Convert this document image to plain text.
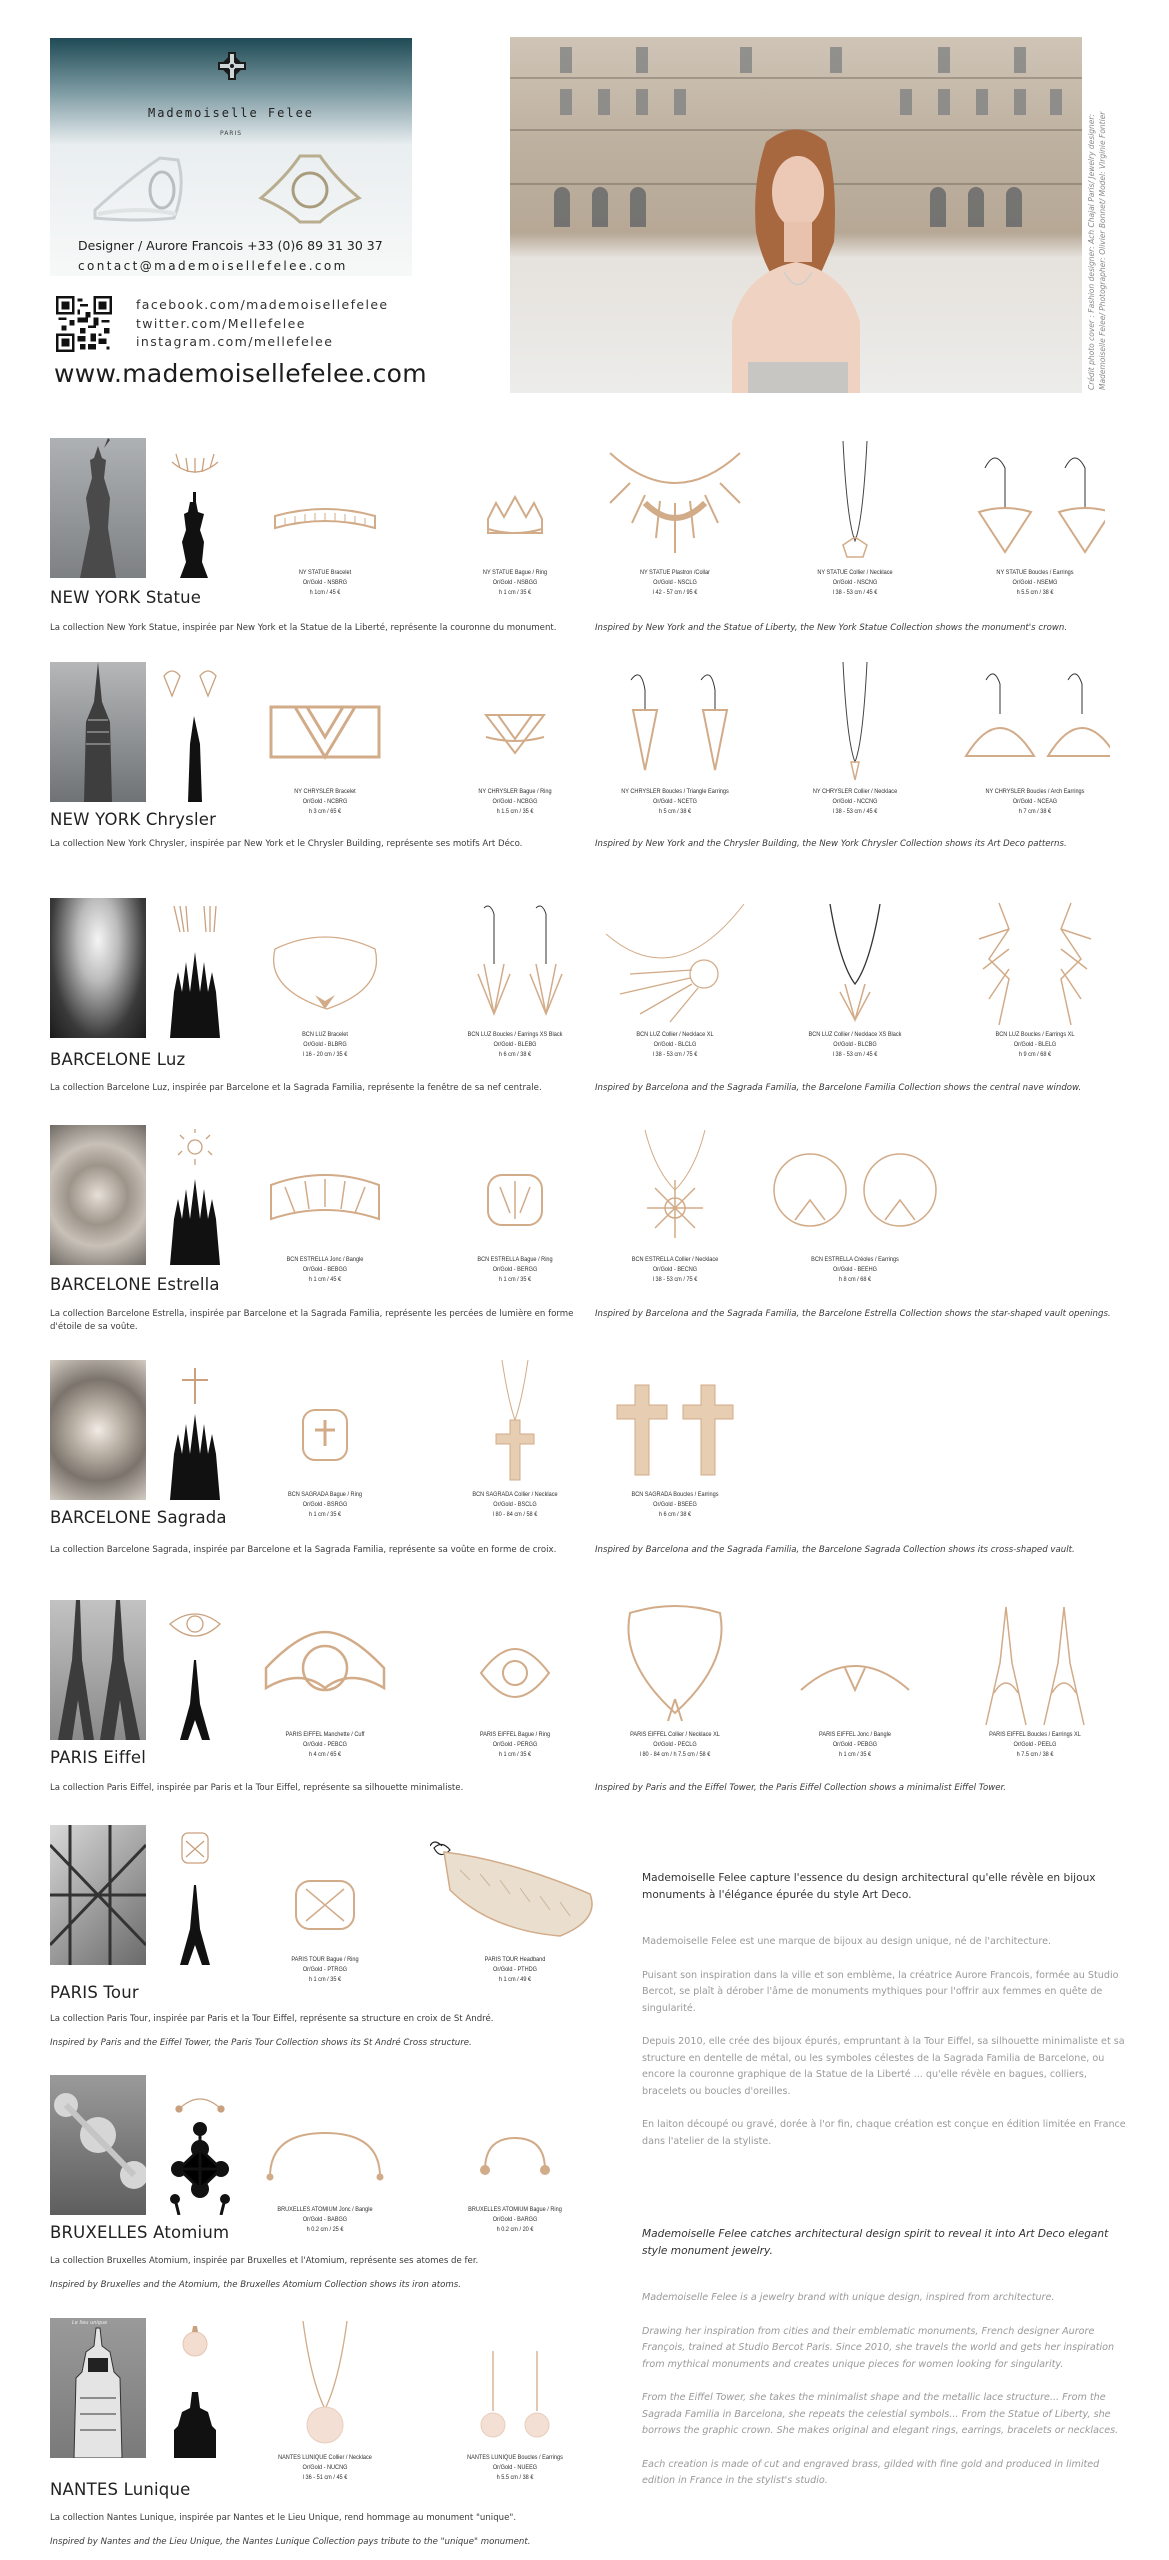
Mademoiselle Felee
PARIS
Designer / Aurore Francois +33 (0)6 89 31 30 37
contact@mademoisellefelee.com
facebook.com/mademoisellefelee
twitter.com/Mellefelee
instagram.com/mellefelee
www.mademoisellefelee.com	Crédit photo cover : Fashion designer: Ach Chajai Paris/ Jewelry designer: Mademoiselle Felee/ Photographer: Olivier Bonnet/ Model: Virginie Fontier
NEW YORK Statue
La collection New York Statue, inspirée par New York et la Statue de la Liberté, représente la couronne du monument.	Inspired by New York and the Statue of Liberty, the New York Statue Collection shows the monument's crown.
NY STATUE Bracelet
Or/Gold - NSBRG
h 1cm / 45 €
NY STATUE Bague / Ring
Or/Gold - NSBGG
h 1 cm / 35 €
NY STATUE Plastron /Collar
Or/Gold - NSCLG
l 42 - 57 cm / 95 €
NY STATUE Collier / Necklace
Or/Gold - NSCNG
l 38 - 53 cm / 45 €
NY STATUE Boucles / Earrings
Or/Gold - NSEMG
h 5.5 cm / 38 €
NEW YORK Chrysler
La collection New York Chrysler, inspirée par New York et le Chrysler Building, représente ses motifs Art Déco.	Inspired by New York and the Chrysler Building, the New York Chrysler Collection shows its Art Deco patterns.
NY CHRYSLER Bracelet
Or/Gold - NCBRG
h 3 cm / 65 €
NY CHRYSLER Bague / Ring
Or/Gold - NCBGG
h 1.5 cm / 35 €
NY CHRYSLER Boucles / Triangle Earrings
Or/Gold - NCETG
h 5 cm / 38 €
NY CHRYSLER Collier / Necklace
Or/Gold - NCCNG
l 38 - 53 cm / 45 €
NY CHRYSLER Boucles / Arch Earrings
Or/Gold - NCEAG
h 7 cm / 38 €
BARCELONE Luz
La collection Barcelone Luz, inspirée par Barcelone et la Sagrada Familia, représente la fenêtre de sa nef centrale.	Inspired by Barcelona and the Sagrada Familia, the Barcelone Familia Collection shows the central nave window.
BCN LUZ Bracelet
Or/Gold - BLBRG
l 16 - 20 cm / 35 €
BCN LUZ Boucles / Earrings XS Black
Or/Gold - BLEBG
h 6 cm / 38 €
BCN LUZ Collier / Necklace XL
Or/Gold - BLCLG
l 38 - 53 cm / 75 €
BCN LUZ Collier / Necklace XS Black
Or/Gold - BLCBG
l 38 - 53 cm / 45 €
BCN LUZ Boucles / Earrings XL
Or/Gold - BLELG
h 9 cm / 68 €
BARCELONE Estrella
La collection Barcelone Estrella, inspirée par Barcelone et la Sagrada Familia, représente les percées de lumière en forme d'étoile de sa voûte.
Inspired by Barcelona and the Sagrada Familia, the Barcelone Estrella Collection shows the star-shaped vault openings.
BCN ESTRELLA Jonc / Bangle
Or/Gold - BEBGG
h 1 cm / 45 €
BCN ESTRELLA Bague / Ring
Or/Gold - BERGG
h 1 cm / 35 €
BCN ESTRELLA Collier / Necklace
Or/Gold - BECNG
l 38 - 53 cm / 75 €
BCN ESTRELLA Créoles / Earrings
Or/Gold - BEEHG
h 8 cm / 68 €
BARCELONE Sagrada
La collection Barcelone Sagrada, inspirée par Barcelone et la Sagrada Familia, représente sa voûte en forme de croix.	Inspired by Barcelona and the Sagrada Familia, the Barcelone Sagrada Collection shows its cross-shaped vault.
BCN SAGRADA Bague / Ring
Or/Gold - BSRGG
h 1 cm / 35 €
BCN SAGRADA Collier / Necklace
Or/Gold - BSCLG
l 80 - 84 cm / 58 €
BCN SAGRADA Boucles / Earrings
Or/Gold - BSEEG
h 6 cm / 38 €
PARIS Eiffel
La collection Paris Eiffel, inspirée par Paris et la Tour Eiffel, représente sa silhouette minimaliste.	Inspired by Paris and the Eiffel Tower, the Paris Eiffel Collection shows a minimalist Eiffel Tower.
PARIS EIFFEL Manchette / Cuff
Or/Gold - PEBCG
h 4 cm / 65 €
PARIS EIFFEL Bague / Ring
Or/Gold - PERGG
h 1 cm / 35 €
PARIS EIFFEL Collier / Necklace XL
Or/Gold - PECLG
l 80 - 84 cm / h 7.5 cm / 58 €
PARIS EIFFEL Jonc / Bangle
Or/Gold - PEBGG
h 1 cm / 35 €
PARIS EIFFEL Boucles / Earrings XL
Or/Gold - PEELG
h 7.5 cm / 38 €
PARIS Tour
La collection Paris Tour, inspirée par Paris et la Tour Eiffel, représente sa structure en croix de St André.
Inspired by Paris and the Eiffel Tower, the Paris Tour Collection shows its St André Cross structure.
PARIS TOUR Bague / Ring
Or/Gold - PTRGG
h 1 cm / 35 €
PARIS TOUR Headband
Or/Gold - PTHDG
h 1 cm / 49 €
BRUXELLES Atomium
La collection Bruxelles Atomium, inspirée par Bruxelles et l'Atomium, représente ses atomes de fer.
Inspired by Bruxelles and the Atomium, the Bruxelles Atomium Collection shows its iron atoms.
BRUXELLES ATOMIUM Jonc / Bangle
Or/Gold - BABGG
h 0.2 cm / 25 €
BRUXELLES ATOMIUM Bague / Ring
Or/Gold - BARGG
h 0.2 cm / 20 €
Le lieu unique
NANTES Lunique
La collection Nantes Lunique, inspirée par Nantes et le Lieu Unique, rend hommage au monument "unique".
Inspired by Nantes and the Lieu Unique, the Nantes Lunique Collection pays tribute to the "unique" monument.
NANTES LUNIQUE Collier / Necklace
Or/Gold - NUCNG
l 36 - 51 cm / 45 €
NANTES LUNIQUE Boucles / Earrings
Or/Gold - NUEEG
h 5.5 cm / 38 €
Mademoiselle Felee capture l'essence du design architectural qu'elle révèle en bijoux monuments à l'élégance épurée du style Art Deco.

Mademoiselle Felee est une marque de bijoux au design unique, né de l'architecture.

Puisant son inspiration dans la ville et son emblème, la créatrice Aurore Francois, formée au Studio Bercot, se plaît à dérober l'âme de monuments mythiques pour l'offrir aux femmes en quête de singularité.

Depuis 2010, elle crée des bijoux épurés, empruntant à la Tour Eiffel, sa silhouette minimaliste et sa structure en dentelle de métal, ou les symboles célestes de la Sagrada Familia de Barcelone, ou encore la couronne graphique de la Statue de la Liberté ... qu'elle révèle en bagues, colliers, bracelets ou boucles d'oreilles.

En laiton découpé ou gravé, dorée à l'or fin, chaque création est conçue en édition limitée en France dans l'atelier de la styliste.

Mademoiselle Felee catches architectural design spirit to reveal it into Art Deco elegant style monument jewelry.

Mademoiselle Felee is a jewelry brand with unique design, inspired from architecture.

Drawing her inspiration from cities and their emblematic monuments, French designer Aurore François, trained at Studio Bercot Paris. Since 2010, she travels the world and gets her inspiration from mythical monuments and creates unique pieces for women looking for singularity.

From the Eiffel Tower, she takes the minimalist shape and the metallic lace structure... From the Sagrada Familia in Barcelona, she repeats the celestial symbols... From the Statue of Liberty, she borrows the graphic crown. She makes original and elegant rings, earrings, bracelets or necklaces.

Each creation is made of cut and engraved brass, gilded with fine gold and produced in limited edition in France in the stylist's studio.
